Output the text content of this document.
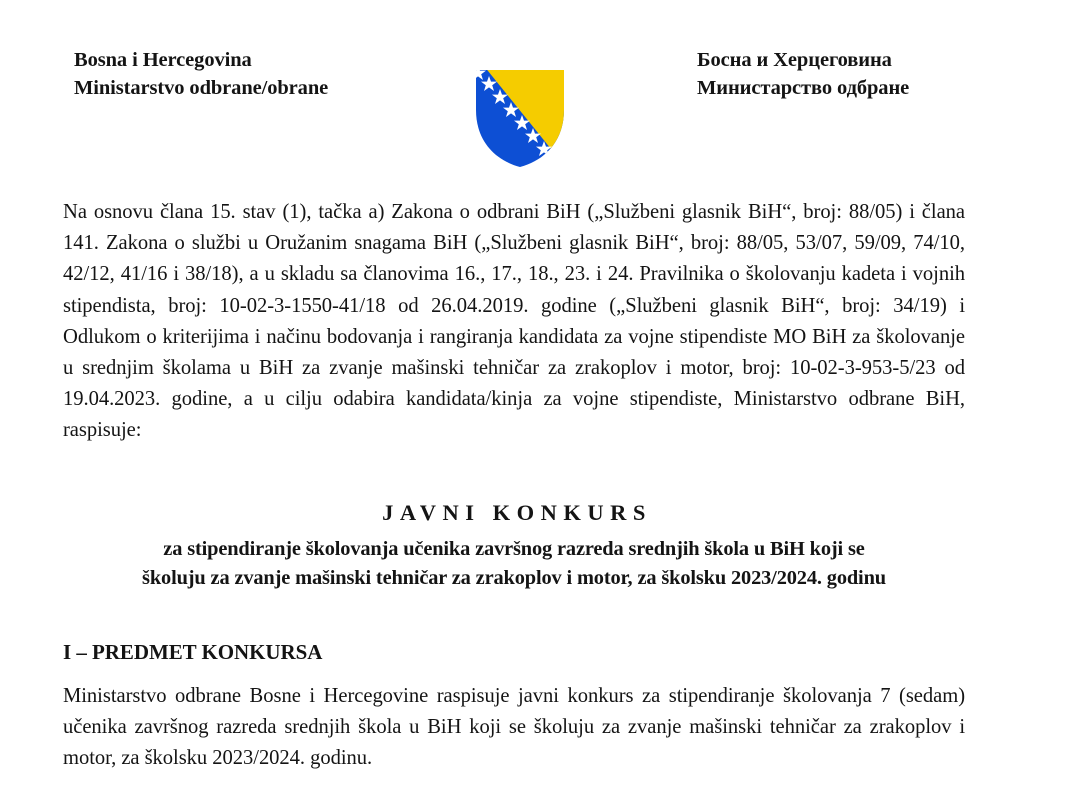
Bosna i Hercegovina
Ministarstvo odbrane/obrane
Босна и Херцеговина
Министарство одбране
Na osnovu člana 15. stav (1), tačka a) Zakona o odbrani BiH („Službeni glasnik BiH“, broj: 88/05) i člana 141. Zakona o službi u Oružanim snagama BiH („Službeni glasnik BiH“, broj: 88/05, 53/07, 59/09, 74/10, 42/12, 41/16 i 38/18), a u skladu sa članovima 16., 17., 18., 23. i 24. Pravilnika o školovanju kadeta i vojnih stipendista, broj: 10-02-3-1550-41/18 od 26.04.2019. godine („Službeni glasnik BiH“, broj: 34/19) i Odlukom o kriterijima i načinu bodovanja i rangiranja kandidata za vojne stipendiste MO BiH za školovanje u srednjim školama u BiH za zvanje mašinski tehničar za zrakoplov i motor, broj: 10-02-3-953-5/23 od 19.04.2023. godine, a u cilju odabira kandidata/kinja za vojne stipendiste, Ministarstvo odbrane BiH, raspisuje:
JAVNI KONKURS
za stipendiranje školovanja učenika završnog razreda srednjih škola u BiH koji se
školuju za zvanje mašinski tehničar za zrakoplov i motor, za školsku 2023/2024. godinu
I – PREDMET KONKURSA
Ministarstvo odbrane Bosne i Hercegovine raspisuje javni konkurs za stipendiranje školovanja 7 (sedam) učenika završnog razreda srednjih škola u BiH koji se školuju za zvanje mašinski tehničar za zrakoplov i motor, za školsku 2023/2024. godinu.
